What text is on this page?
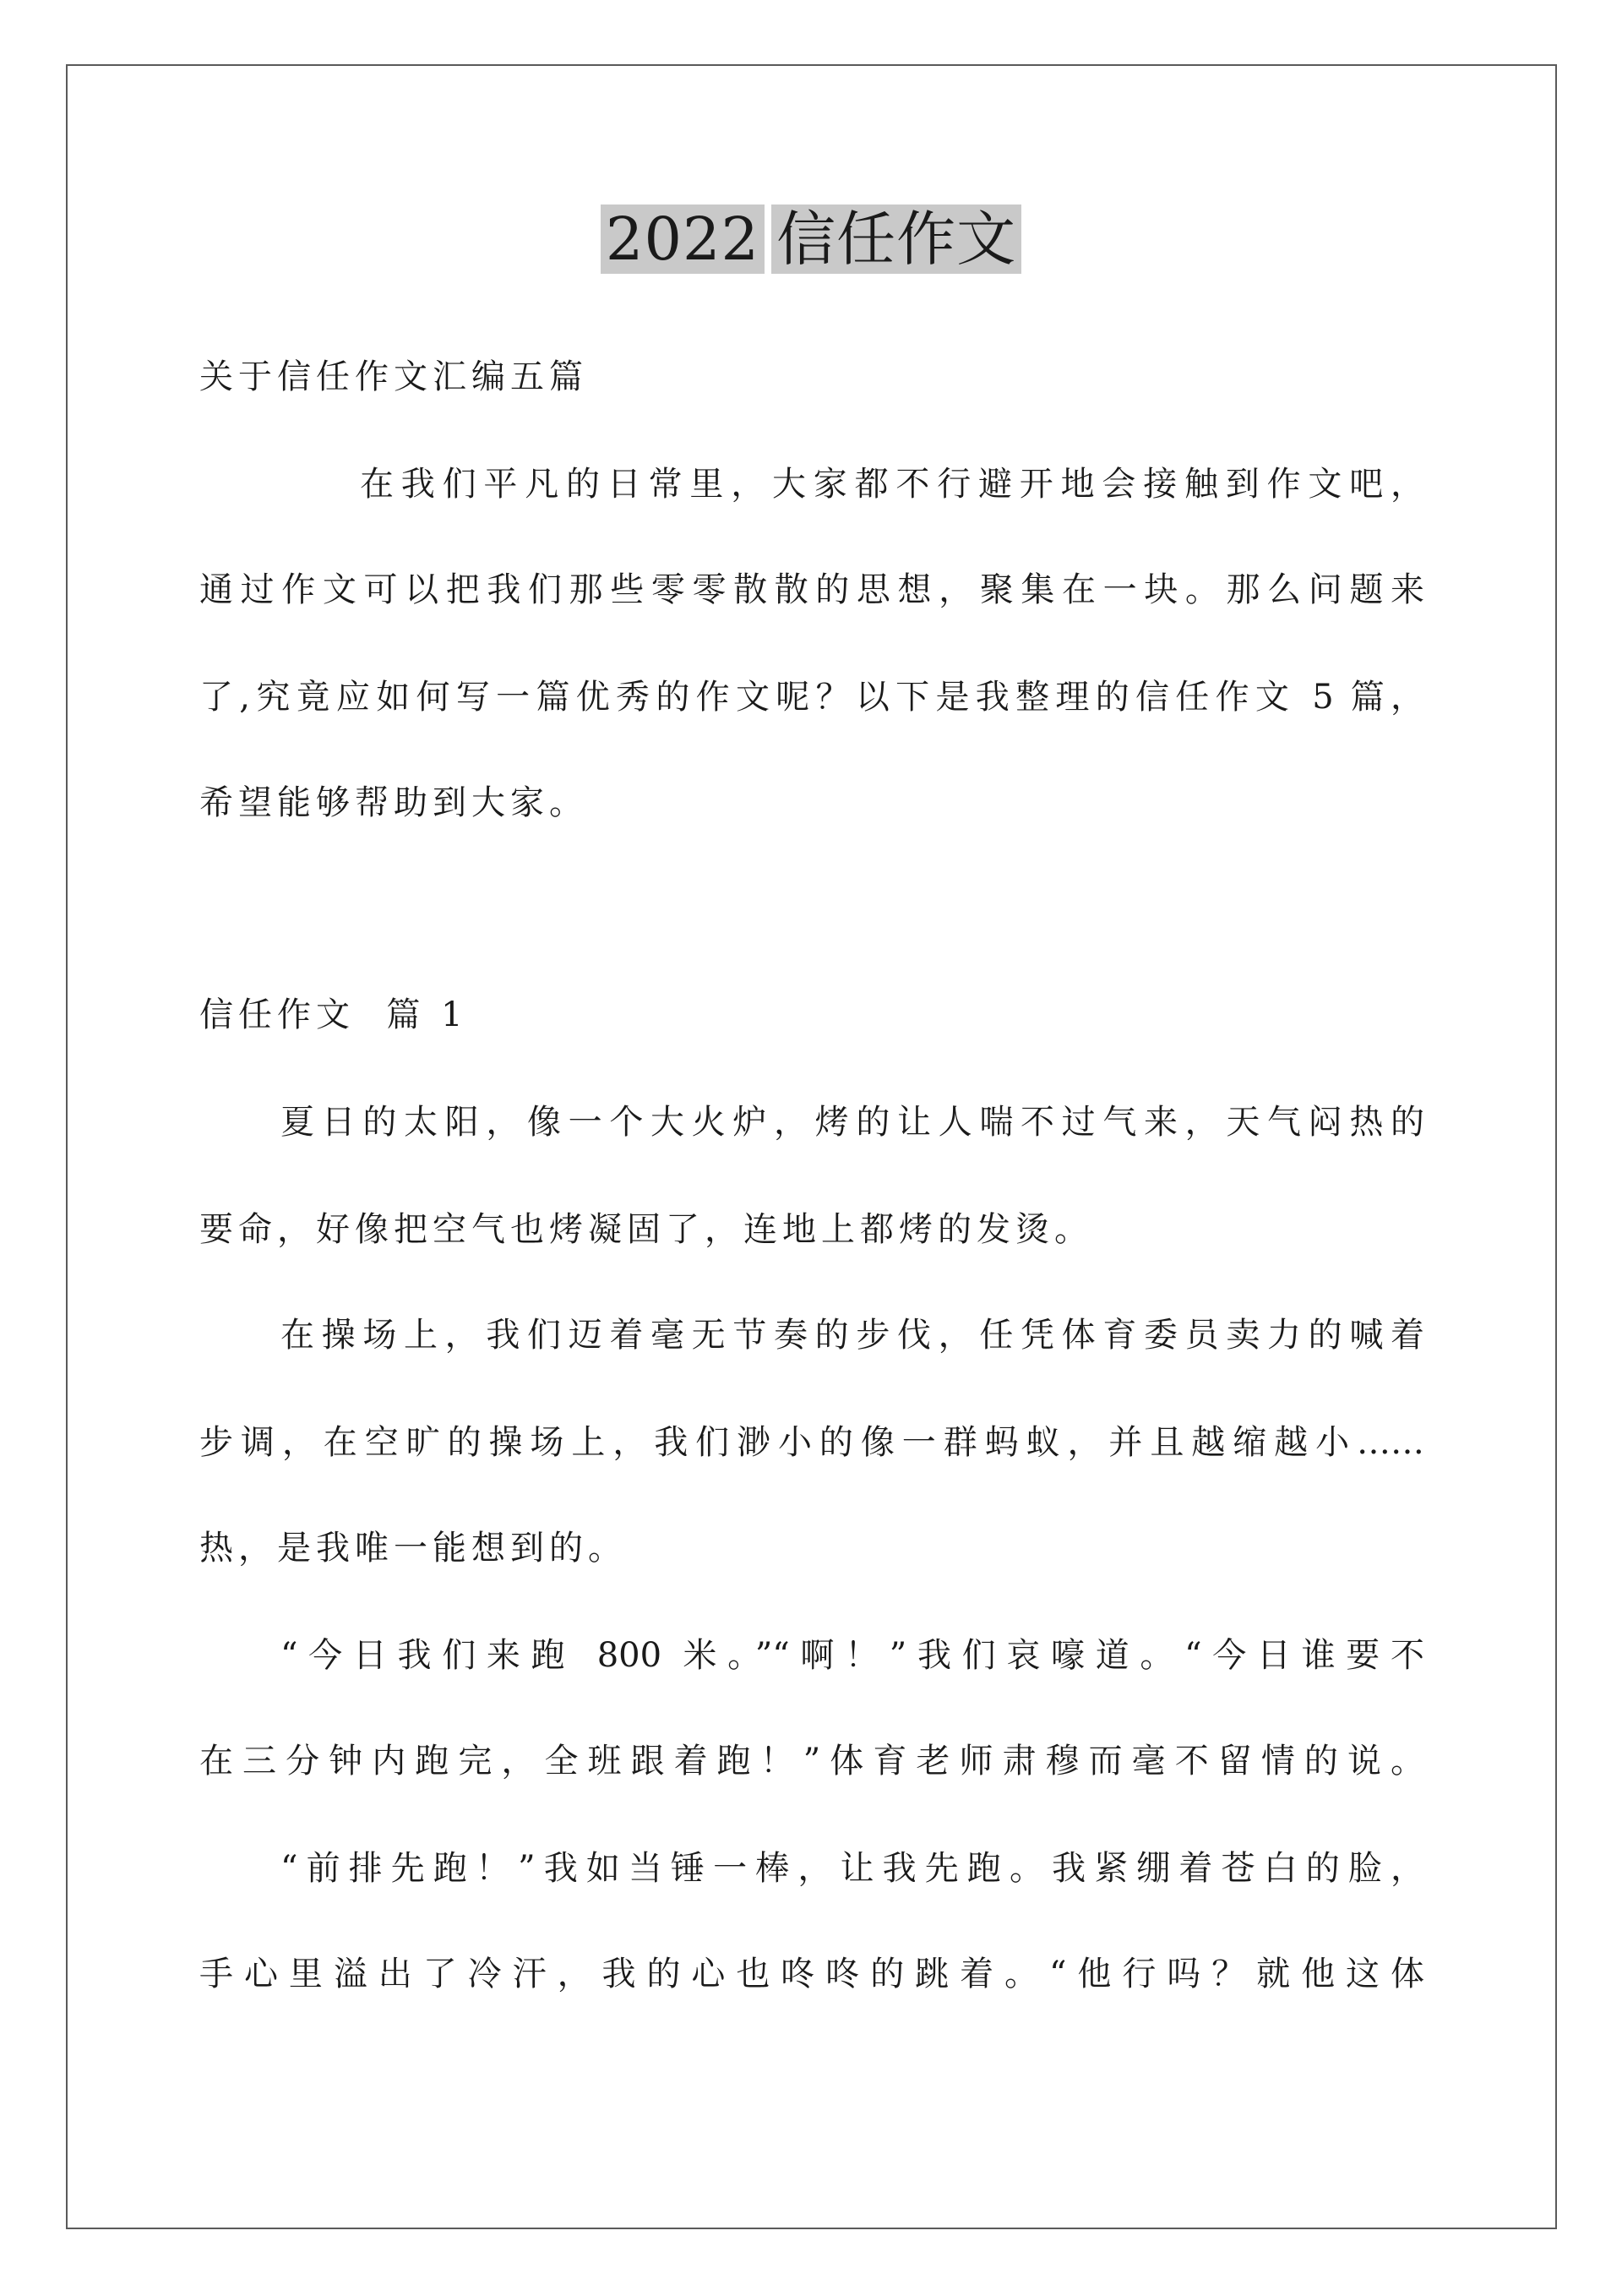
2022 信任作文
关于信任作文汇编五篇
在我们平凡的日常里，大家都不行避开地会接触到作文吧，
通过作文可以把我们那些零零散散的思想，聚集在一块。那么问题来
了,究竟应如何写一篇优秀的作文呢？以下是我整理的信任作文 5 篇，
希望能够帮助到大家。
信任作文  篇 1
夏日的太阳，像一个大火炉，烤的让人喘不过气来，天气闷热的
要命，好像把空气也烤凝固了，连地上都烤的发烫。
在操场上，我们迈着毫无节奏的步伐，任凭体育委员卖力的喊着
步调，在空旷的操场上，我们渺小的像一群蚂蚁，并且越缩越小……
热，是我唯一能想到的。
“今日我们来跑 800 米。”“啊！”我们哀嚎道。“今日谁要不
在三分钟内跑完，全班跟着跑！”体育老师肃穆而毫不留情的说。
“前排先跑！”我如当锤一棒，让我先跑。我紧绷着苍白的脸，
手心里溢出了冷汗，我的心也咚咚的跳着。“他行吗？就他这体
